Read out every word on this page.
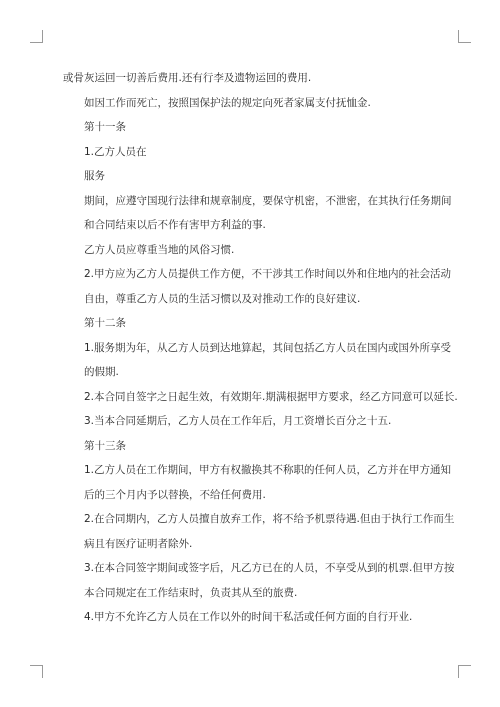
或骨灰运回一切善后费用.还有行李及遗物运回的费用.

　　如因工作而死亡，按照国保护法的规定向死者家属支付抚恤金.

　　第十一条

　　1.乙方人员在

　　服务

　　期间，应遵守国现行法律和规章制度，要保守机密，不泄密，在其执行任务期间

　　和合同结束以后不作有害甲方利益的事.

　　乙方人员应尊重当地的风俗习惯.

　　2.甲方应为乙方人员提供工作方便，不干涉其工作时间以外和住地内的社会活动

　　自由，尊重乙方人员的生活习惯以及对推动工作的良好建议.

　　第十二条

　　1.服务期为年，从乙方人员到达地算起，其间包括乙方人员在国内或国外所享受

　　的假期.

　　2.本合同自签字之日起生效，有效期年.期满根据甲方要求，经乙方同意可以延长.

　　3.当本合同延期后，乙方人员在工作年后，月工资增长百分之十五.

　　第十三条

　　1.乙方人员在工作期间，甲方有权撤换其不称职的任何人员，乙方并在甲方通知

　　后的三个月内予以替换，不给任何费用.

　　2.在合同期内，乙方人员擅自放弃工作，将不给予机票待遇.但由于执行工作而生

　　病且有医疗证明者除外.

　　3.在本合同签字期间或签字后，凡乙方已在的人员，不享受从到的机票.但甲方按

　　本合同规定在工作结束时，负责其从至的旅费.

　　4.甲方不允许乙方人员在工作以外的时间干私活或任何方面的自行开业.
